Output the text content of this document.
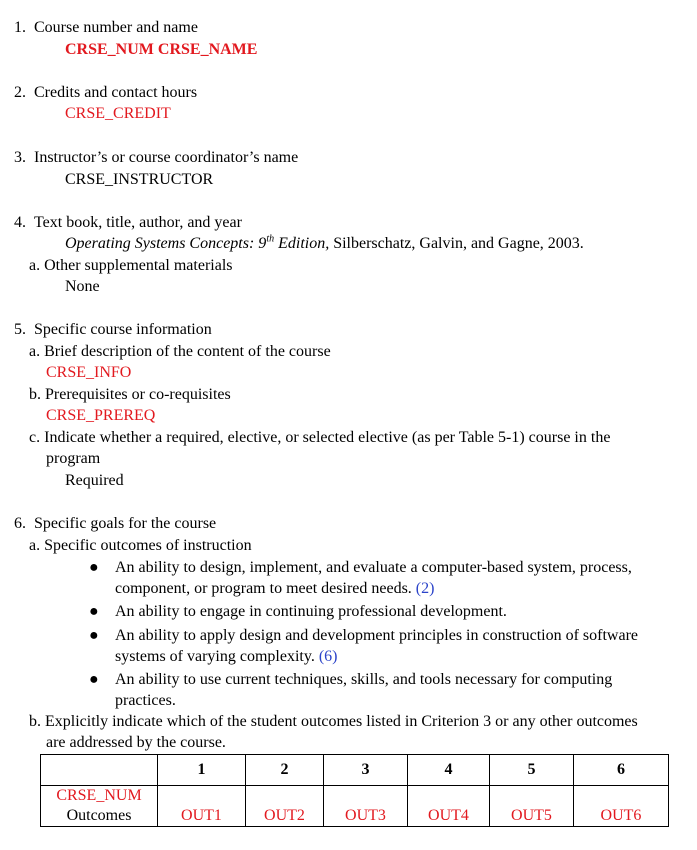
1. Course number and name
CRSE_NUM CRSE_NAME
2. Credits and contact hours
CRSE_CREDIT
3. Instructor’s or course coordinator’s name
CRSE_INSTRUCTOR
4. Text book, title, author, and year
Operating Systems Concepts: 9th Edition, Silberschatz, Galvin, and Gagne, 2003.
a. Other supplemental materials
None
5. Specific course information
a. Brief description of the content of the course
CRSE_INFO
b. Prerequisites or co-requisites
CRSE_PREREQ
c. Indicate whether a required, elective, or selected elective (as per Table 5-1) course in the
program
Required
6. Specific goals for the course
a. Specific outcomes of instruction
● An ability to design, implement, and evaluate a computer-based system, process,
component, or program to meet desired needs. (2)
● An ability to engage in continuing professional development.
● An ability to apply design and development principles in construction of software
systems of varying complexity. (6)
● An ability to use current techniques, skills, and tools necessary for computing
practices.
b. Explicitly indicate which of the student outcomes listed in Criterion 3 or any other outcomes
are addressed by the course.
	1	2	3	4	5	6

CRSE_NUM
Outcomes	OUT1	OUT2	OUT3	OUT4	OUT5	OUT6
